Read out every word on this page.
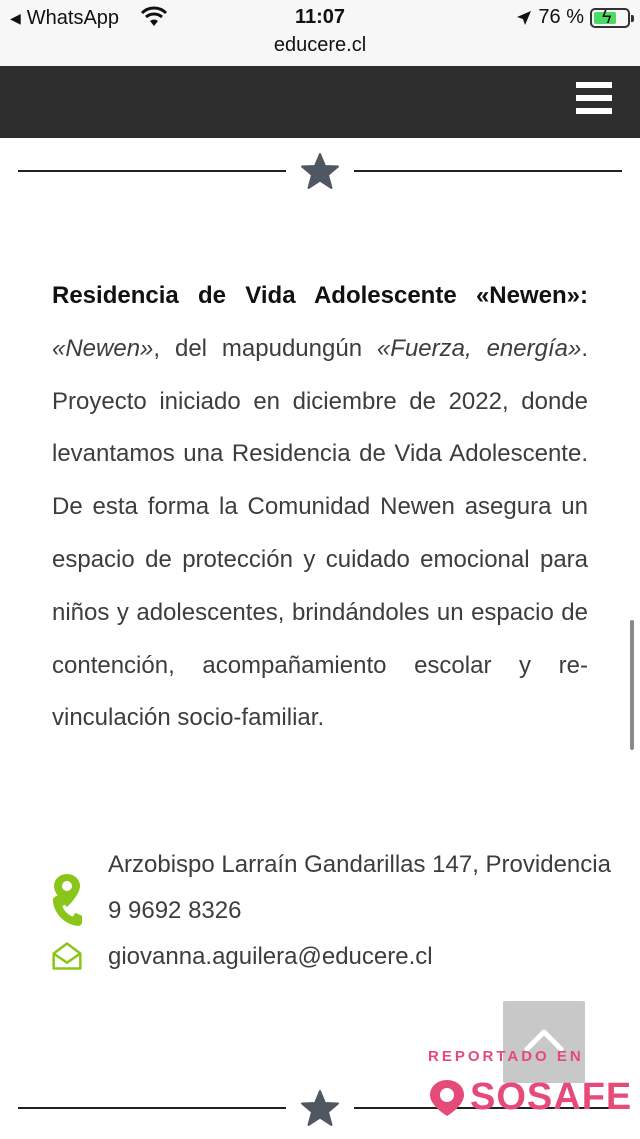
◀ WhatsApp	11:07	76 % ϟ
educere.cl

Residencia de Vida Adolescente «Newen»: «Newen», del mapudungún «Fuerza, energía». Proyecto iniciado en diciembre de 2022, donde levantamos una Residencia de Vida Adolescente. De esta forma la Comunidad Newen asegura un espacio de protección y cuidado emocional para niños y adolescentes, brindándoles un espacio de contención, acompañamiento escolar y re-vinculación socio-familiar.

Arzobispo Larraín Gandarillas 147, Providencia
9 9692 8326
giovanna.aguilera@educere.cl
REPORTADO EN
SOSAFE
